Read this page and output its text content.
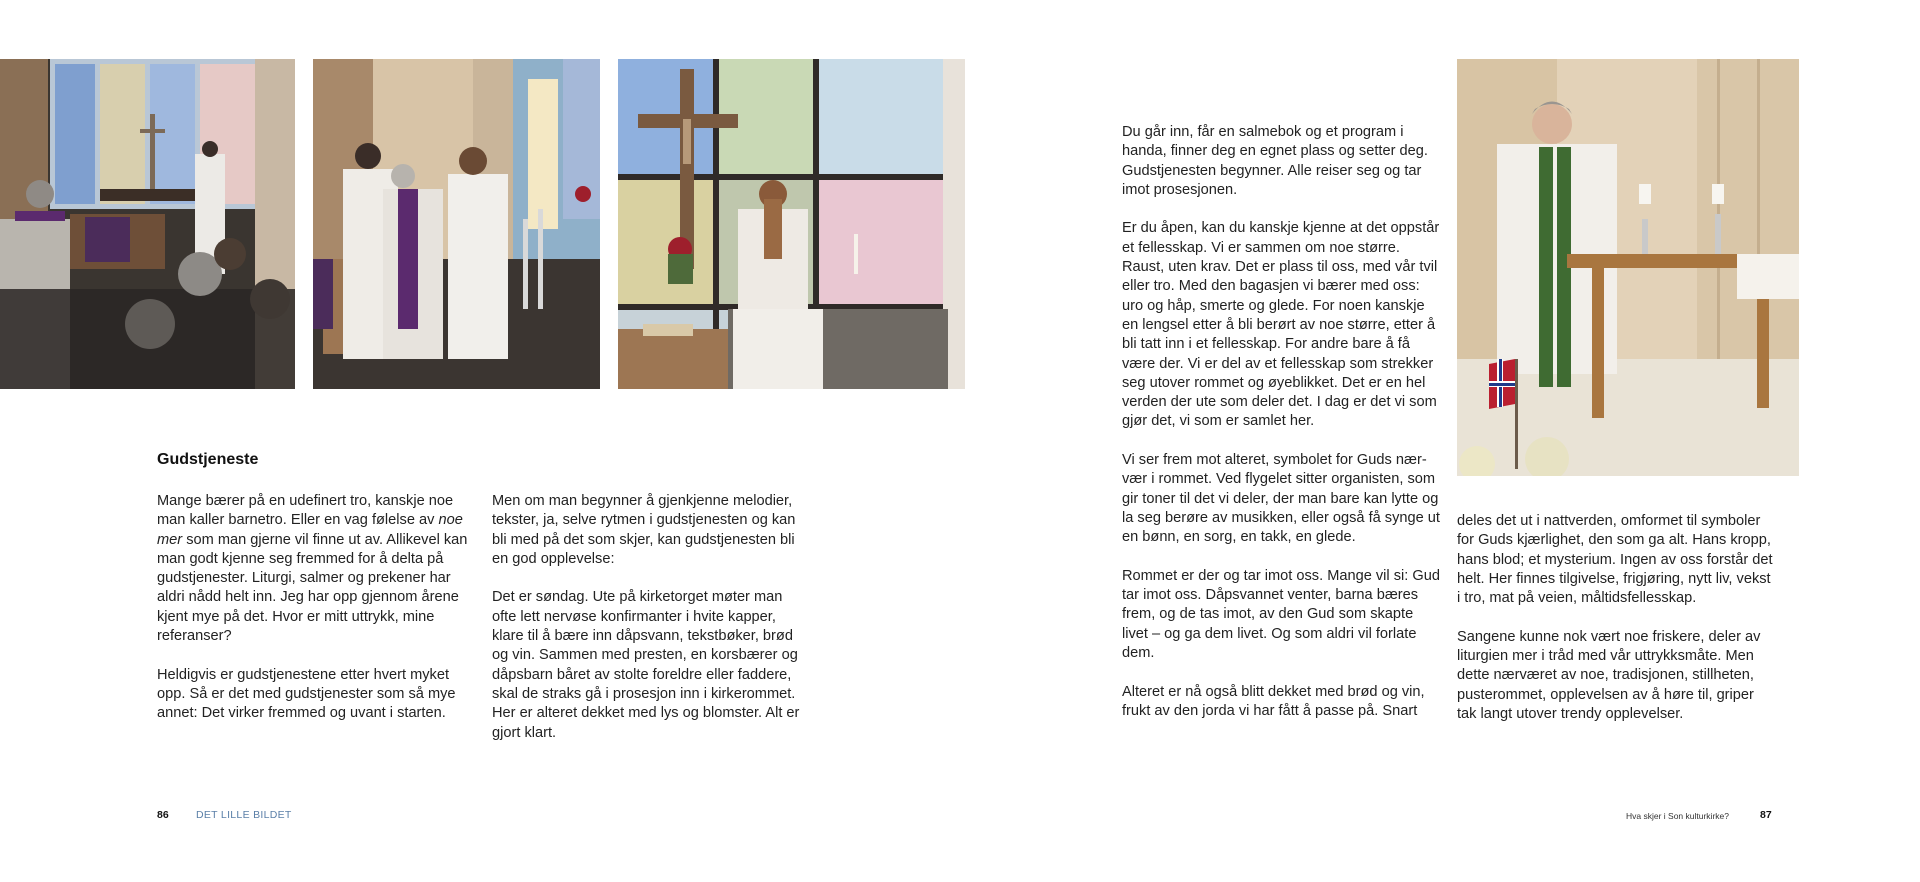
Gudstjeneste

Mange bærer på en udefinert tro, kanskje noe man kaller barnetro. Eller en vag følelse av noe mer som man gjerne vil finne ut av. Allikevel kan man godt kjenne seg fremmed for å delta på gudstjenester. Liturgi, salmer og prekener har aldri nådd helt inn. Jeg har opp gjennom årene kjent mye på det. Hvor er mitt uttrykk, mine referanser?

Heldigvis er gudstjenestene etter hvert myket opp. Så er det med gudstjenester som så mye annet: Det virker fremmed og uvant i starten.

Men om man begynner å gjenkjenne melodier, tekster, ja, selve rytmen i gudstjenesten og kan bli med på det som skjer, kan gudstjenesten bli en god opplevelse:

Det er søndag. Ute på kirketorget møter man ofte lett nervøse konfirmanter i hvite kapper, klare til å bære inn dåpsvann, tekstbøker, brød og vin. Sammen med presten, en korsbærer og dåpsbarn båret av stolte foreldre eller faddere, skal de straks gå i prosesjon inn i kirkerommet. Her er alteret dekket med lys og blomster. Alt er gjort klart.

Du går inn, får en salmebok og et program i handa, finner deg en egnet plass og setter deg. Gudstjenesten begynner. Alle reiser seg og tar imot prosesjonen.

Er du åpen, kan du kanskje kjenne at det oppstår et fellesskap. Vi er sammen om noe større. Raust, uten krav. Det er plass til oss, med vår tvil eller tro. Med den bagasjen vi bærer med oss: uro og håp, smerte og glede. For noen kanskje en lengsel etter å bli berørt av noe større, etter å bli tatt inn i et fellesskap. For andre bare å få være der. Vi er del av et fellesskap som strekker seg utover rommet og øyeblikket. Det er en hel verden der ute som deler det. I dag er det vi som gjør det, vi som er samlet her.

Vi ser frem mot alteret, symbolet for Guds nær-vær i rommet. Ved flygelet sitter organisten, som gir toner til det vi deler, der man bare kan lytte og la seg berøre av musikken, eller også få synge ut en bønn, en sorg, en takk, en glede.

Rommet er der og tar imot oss. Mange vil si: Gud tar imot oss. Dåpsvannet venter, barna bæres frem, og de tas imot, av den Gud som skapte livet – og ga dem livet. Og som aldri vil forlate dem.

Alteret er nå også blitt dekket med brød og vin, frukt av den jorda vi har fått å passe på. Snart

deles det ut i nattverden, omformet til symboler for Guds kjærlighet, den som ga alt. Hans kropp, hans blod; et mysterium. Ingen av oss forstår det helt. Her finnes tilgivelse, frigjøring, nytt liv, vekst i tro, mat på veien, måltidsfellesskap.

Sangene kunne nok vært noe friskere, deler av liturgien mer i tråd med vår uttrykksmåte. Men dette nærværet av noe, tradisjonen, stillheten, pusterommet, opplevelsen av å høre til, griper tak langt utover trendy opplevelser.

86	DET LILLE BILDET	Hva skjer i Son kulturkirke?	87
